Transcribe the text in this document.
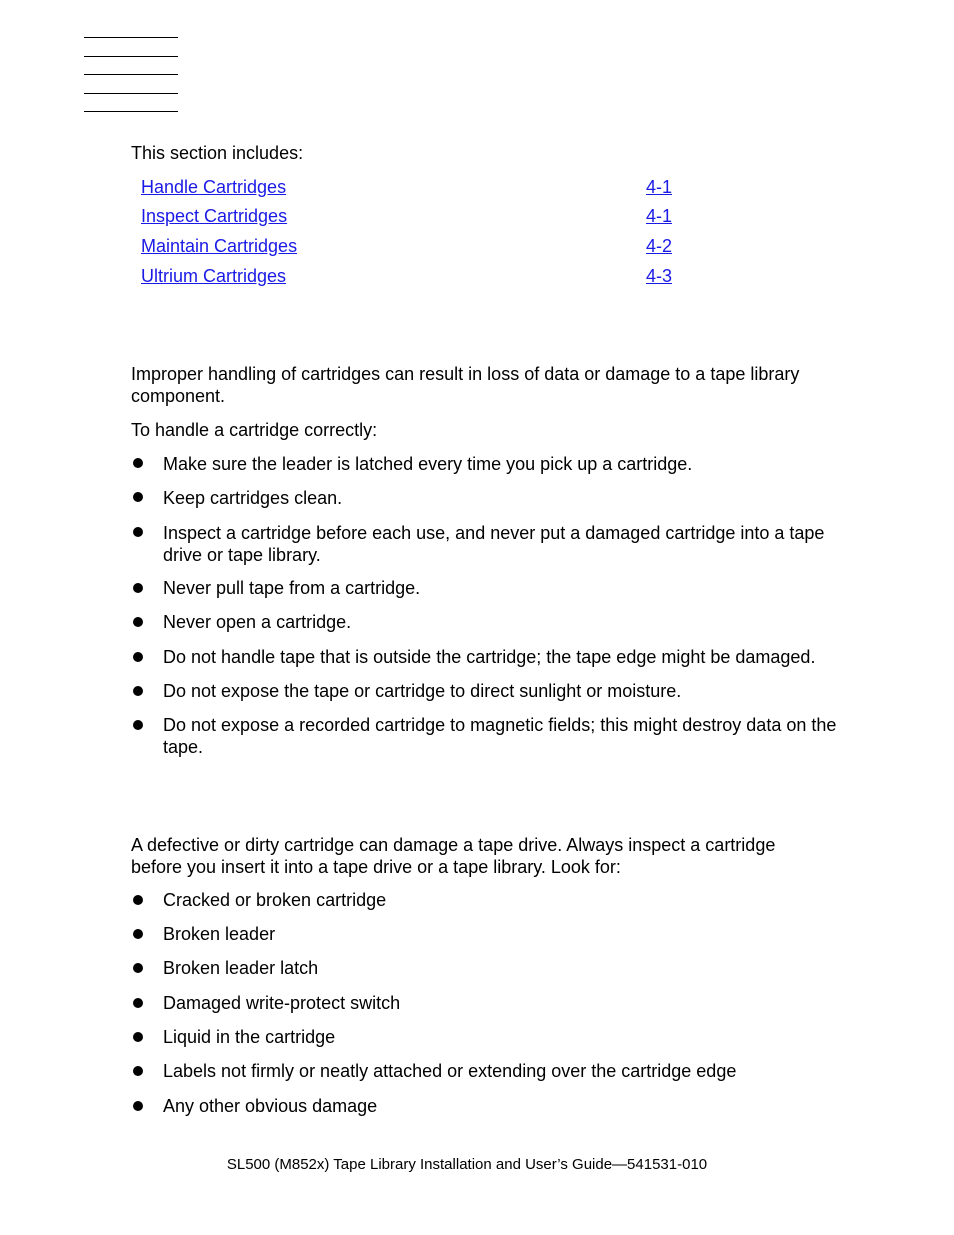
This section includes:

Handle Cartridges	4-1
Inspect Cartridges	4-1
Maintain Cartridges	4-2
Ultrium Cartridges	4-3

Improper handling of cartridges can result in loss of data or damage to a tape library component.

To handle a cartridge correctly:

Make sure the leader is latched every time you pick up a cartridge.

Keep cartridges clean.

Inspect a cartridge before each use, and never put a damaged cartridge into a tape drive or tape library.

Never pull tape from a cartridge.

Never open a cartridge.

Do not handle tape that is outside the cartridge; the tape edge might be damaged.

Do not expose the tape or cartridge to direct sunlight or moisture.

Do not expose a recorded cartridge to magnetic fields; this might destroy data on the tape.

A defective or dirty cartridge can damage a tape drive. Always inspect a cartridge before you insert it into a tape drive or a tape library. Look for:

Cracked or broken cartridge

Broken leader

Broken leader latch

Damaged write-protect switch

Liquid in the cartridge

Labels not firmly or neatly attached or extending over the cartridge edge

Any other obvious damage

SL500 (M852x) Tape Library Installation and User’s Guide—541531-010
